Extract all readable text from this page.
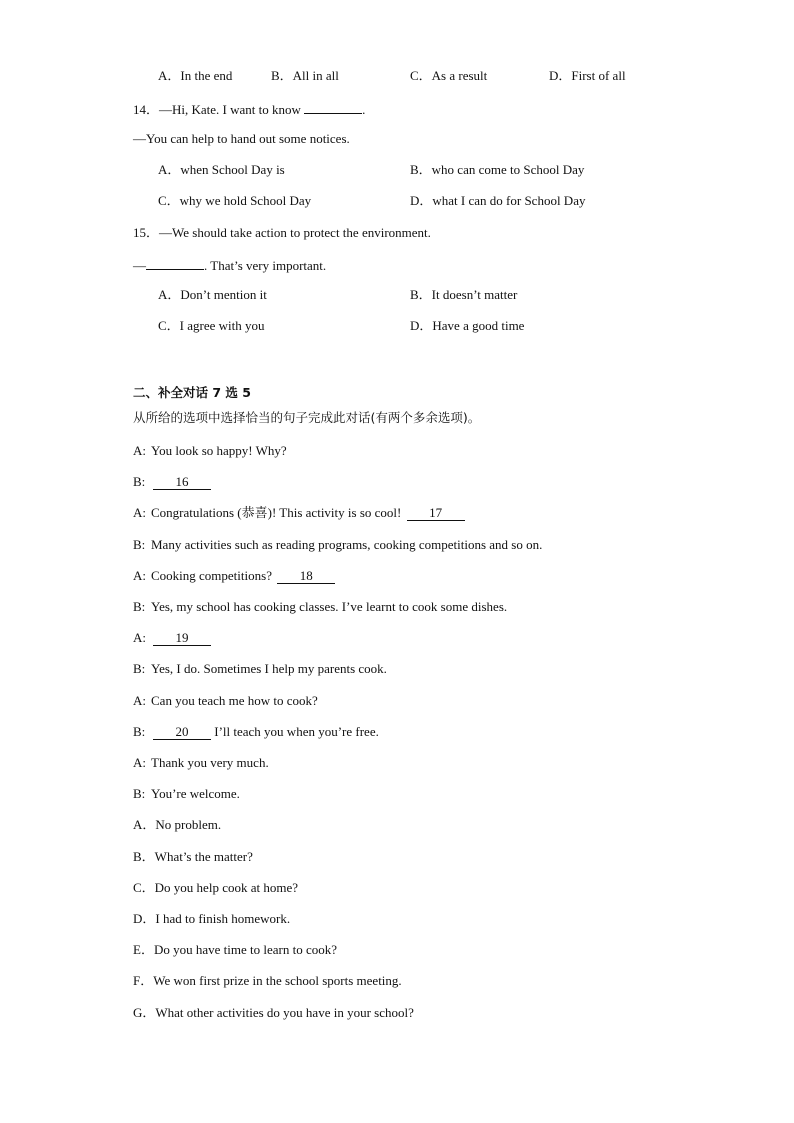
A．In the end	B．All in all	C．As a result	D．First of all
14．—Hi, Kate. I want to know	.
—You can help to hand out some notices.
A．when School Day is	B．who can come to School Day
C．why we hold School Day	D．what I can do for School Day
15．—We should take action to protect the environment.
—	. That’s very important.
A．Don’t mention it	B．It doesn’t matter
C．I agree with you	D．Have a good time
二、补全对话 7 选 5
从所给的选项中选择恰当的句子完成此对话(有两个多余选项)。
A: You look so happy! Why?
B: 16
A: Congratulations (恭喜)! This activity is so cool! 17
B: Many activities such as reading programs, cooking competitions and so on.
A: Cooking competitions? 18
B: Yes, my school has cooking classes. I’ve learnt to cook some dishes.
A: 19
B: Yes, I do. Sometimes I help my parents cook.
A: Can you teach me how to cook?
B: 20 I’ll teach you when you’re free.
A: Thank you very much.
B: You’re welcome.
A．No problem.
B．What’s the matter?
C．Do you help cook at home?
D．I had to finish homework.
E．Do you have time to learn to cook?
F．We won first prize in the school sports meeting.
G．What other activities do you have in your school?
